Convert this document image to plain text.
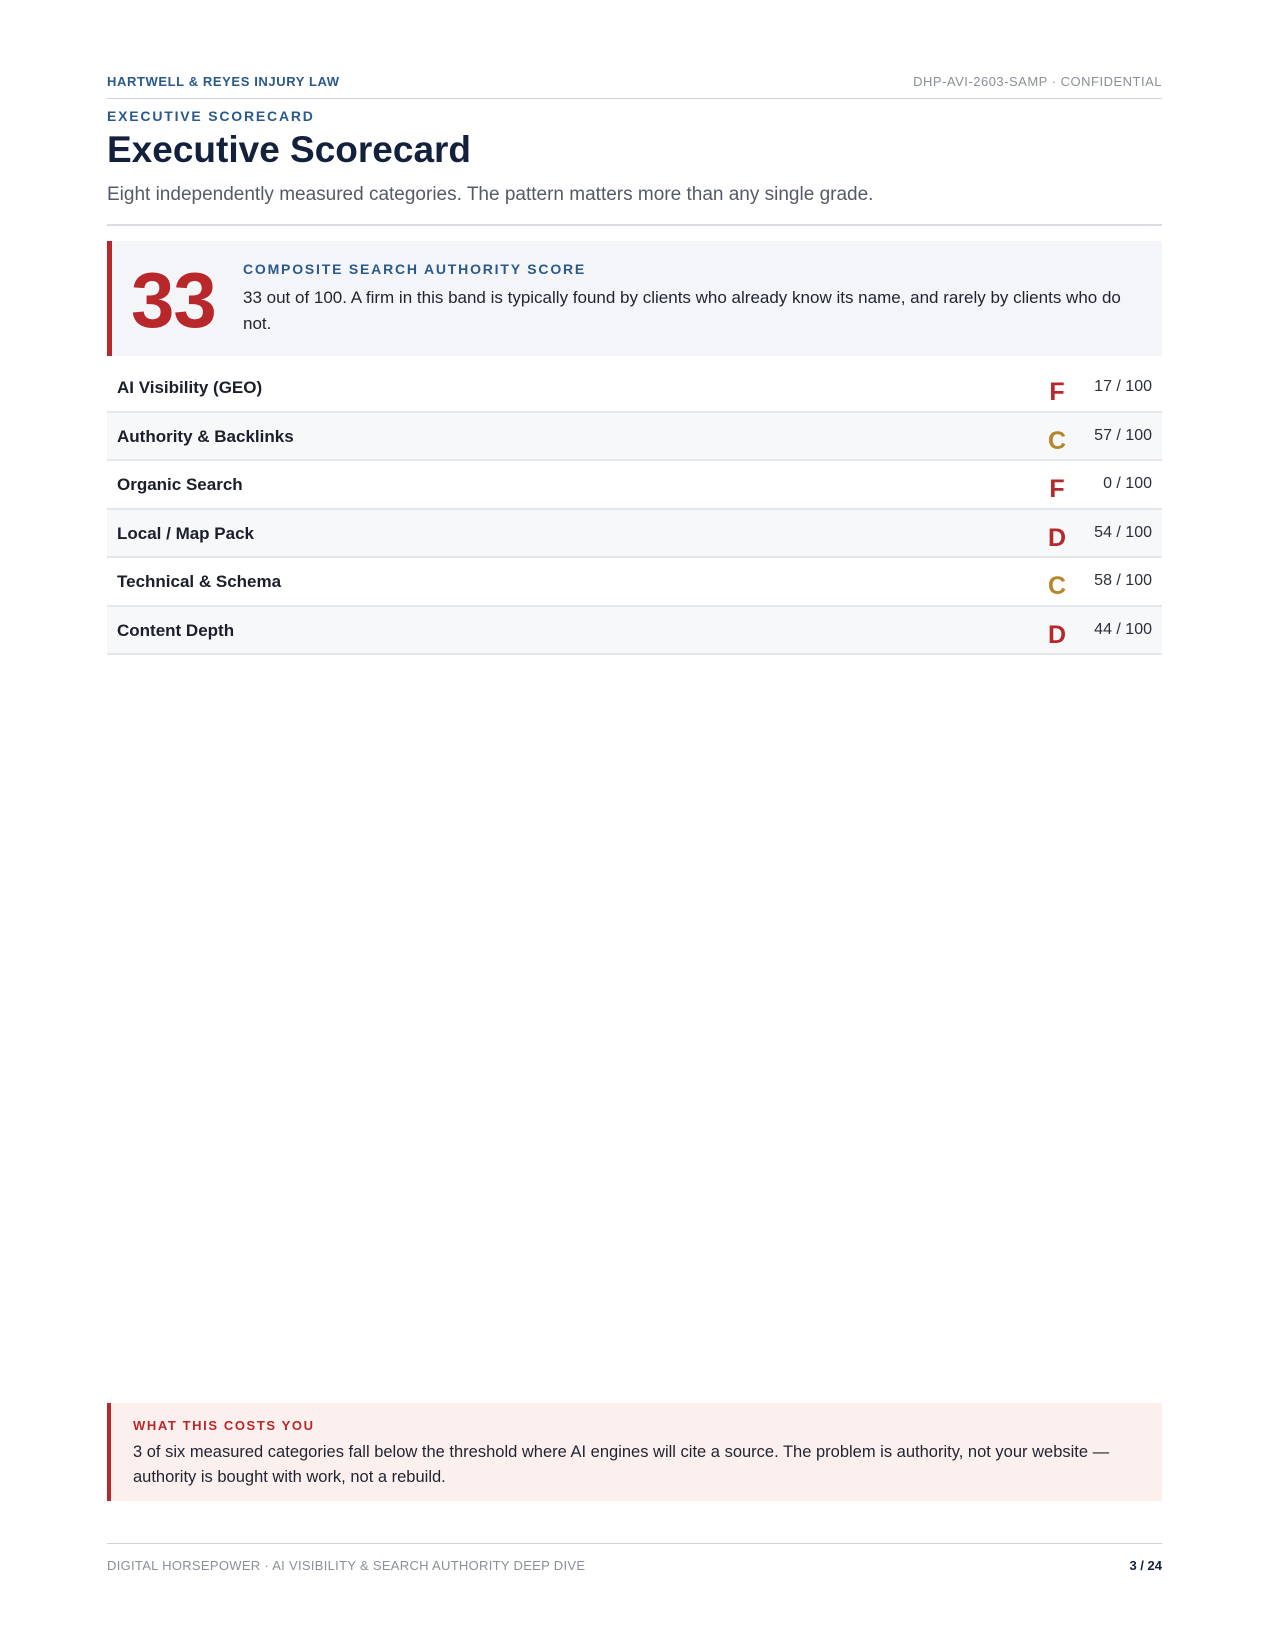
HARTWELL & REYES INJURY LAW	DHP-AVI-2603-SAMP · CONFIDENTIAL
EXECUTIVE SCORECARD
Executive Scorecard

Eight independently measured categories. The pattern matters more than any single grade.

33 COMPOSITE SEARCH AUTHORITY SCORE
33 out of 100. A firm in this band is typically found by clients who already know its name, and rarely by clients who do not.
AI Visibility (GEO)	F	17 / 100
Authority & Backlinks	C	57 / 100
Organic Search	F	0 / 100
Local / Map Pack	D	54 / 100
Technical & Schema	C	58 / 100
Content Depth	D	44 / 100
WHAT THIS COSTS YOU
3 of six measured categories fall below the threshold where AI engines will cite a source. The problem is authority, not your website — authority is bought with work, not a rebuild.
DIGITAL HORSEPOWER · AI VISIBILITY & SEARCH AUTHORITY DEEP DIVE	3 / 24
